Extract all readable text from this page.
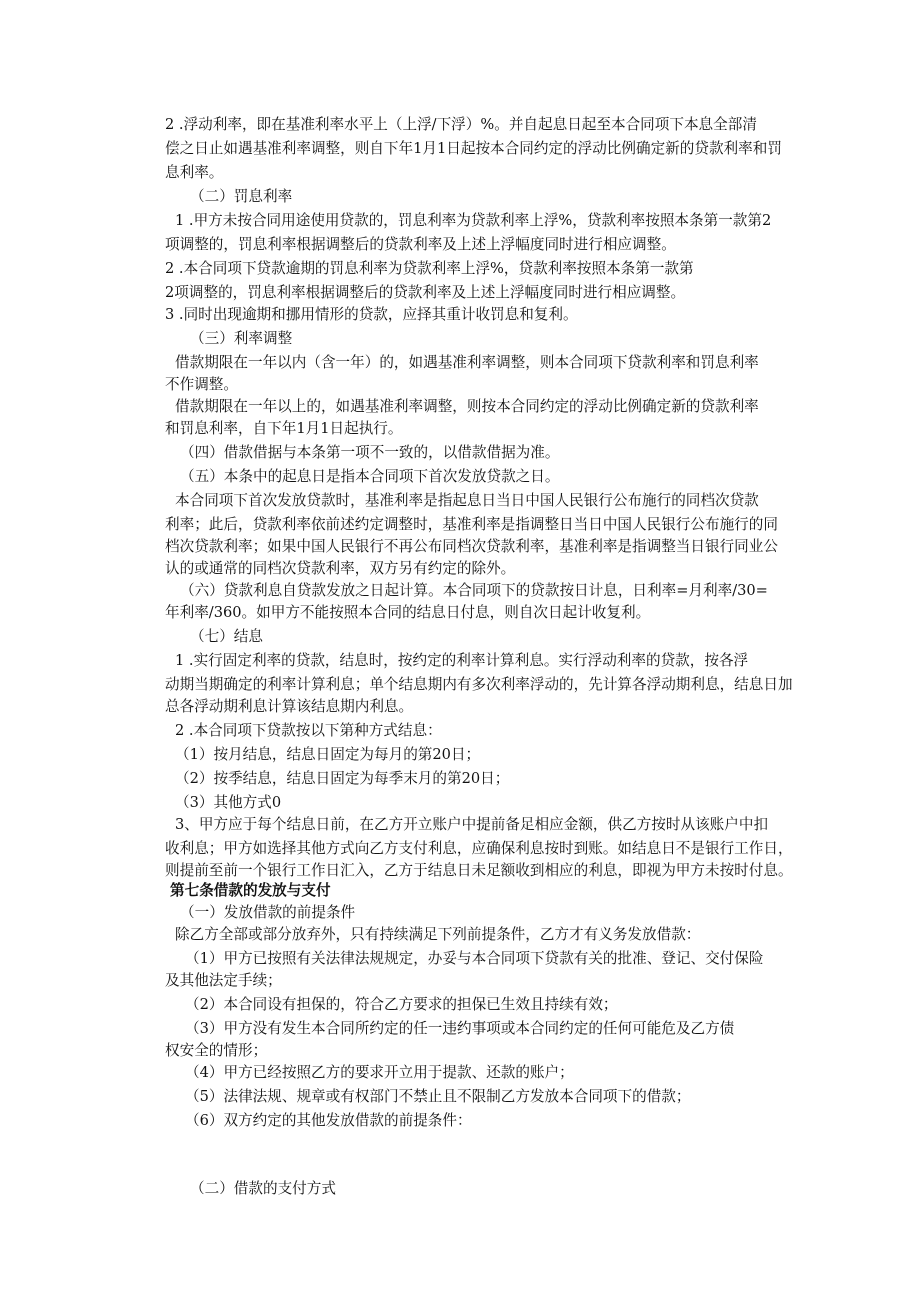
2 .浮动利率，即在基准利率水平上（上浮/下浮）%。并自起息日起至本合同项下本息全部清
偿之日止如遇基准利率调整，则自下年1月1日起按本合同约定的浮动比例确定新的贷款利率和罚
息利率。
（二）罚息利率
1 .甲方未按合同用途使用贷款的，罚息利率为贷款利率上浮%，贷款利率按照本条第一款第2
项调整的，罚息利率根据调整后的贷款利率及上述上浮幅度同时进行相应调整。
2 .本合同项下贷款逾期的罚息利率为贷款利率上浮%，贷款利率按照本条第一款第
2项调整的，罚息利率根据调整后的贷款利率及上述上浮幅度同时进行相应调整。
3 .同时出现逾期和挪用情形的贷款，应择其重计收罚息和复利。
（三）利率调整
借款期限在一年以内（含一年）的，如遇基准利率调整，则本合同项下贷款利率和罚息利率
不作调整。
借款期限在一年以上的，如遇基准利率调整，则按本合同约定的浮动比例确定新的贷款利率
和罚息利率，自下年1月1日起执行。
（四）借款借据与本条第一项不一致的，以借款借据为准。
（五）本条中的起息日是指本合同项下首次发放贷款之日。
本合同项下首次发放贷款时，基准利率是指起息日当日中国人民银行公布施行的同档次贷款
利率；此后，贷款利率依前述约定调整时，基准利率是指调整日当日中国人民银行公布施行的同
档次贷款利率；如果中国人民银行不再公布同档次贷款利率，基准利率是指调整当日银行同业公
认的或通常的同档次贷款利率，双方另有约定的除外。
（六）贷款利息自贷款发放之日起计算。本合同项下的贷款按日计息，日利率=月利率/30=
年利率/360。如甲方不能按照本合同的结息日付息，则自次日起计收复利。
（七）结息
1 .实行固定利率的贷款，结息时，按约定的利率计算利息。实行浮动利率的贷款，按各浮
动期当期确定的利率计算利息；单个结息期内有多次利率浮动的，先计算各浮动期利息，结息日加
总各浮动期利息计算该结息期内利息。
2 .本合同项下贷款按以下第种方式结息：
（1）按月结息，结息日固定为每月的第20日；
（2）按季结息，结息日固定为每季末月的第20日；
（3）其他方式0
3、甲方应于每个结息日前，在乙方开立账户中提前备足相应金额，供乙方按时从该账户中扣
收利息；甲方如选择其他方式向乙方支付利息，应确保利息按时到账。如结息日不是银行工作日，
则提前至前一个银行工作日汇入，乙方于结息日未足额收到相应的利息，即视为甲方未按时付息。
第七条借款的发放与支付
（一）发放借款的前提条件
除乙方全部或部分放弃外，只有持续满足下列前提条件，乙方才有义务发放借款：
（1）甲方已按照有关法律法规规定，办妥与本合同项下贷款有关的批准、登记、交付保险
及其他法定手续；
（2）本合同设有担保的，符合乙方要求的担保已生效且持续有效；
（3）甲方没有发生本合同所约定的任一违约事项或本合同约定的任何可能危及乙方债
权安全的情形；
（4）甲方已经按照乙方的要求开立用于提款、还款的账户；
（5）法律法规、规章或有权部门不禁止且不限制乙方发放本合同项下的借款；
（6）双方约定的其他发放借款的前提条件：
（二）借款的支付方式
